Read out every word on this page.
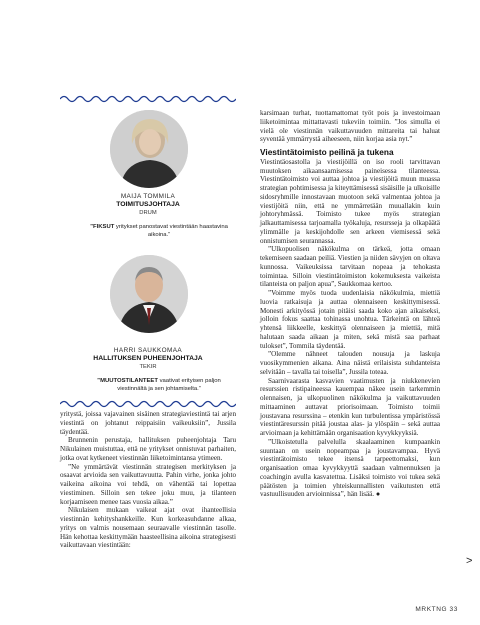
MAIJA TOMMILA
TOIMITUSJOHTAJA
DRUM
”FIKSUT yritykset panostavat viestintään haastavina aikoina.”
HARRI SAUKKOMAA
HALLITUKSEN PUHEENJOHTAJA
TEKIR
”MUUTOSTILANTEET vaativat erityisen paljon viestinnältä ja sen johtamiselta.”

yritystä, joissa vajavainen sisäinen strategiaviestintä tai arjen viestintä on johtanut reippaisiin vaikeuksiin”, Jussila täydentää.

Brunnenin perustaja, hallituksen puheenjohtaja Taru Nikulainen muistuttaa, että ne yritykset onnistuvat parhaiten, jotka ovat kytkeneet viestinnän liiketoimintansa ytimeen.

”Ne ymmärtävät viestinnän strategisen merkityksen ja osaavat arvioida sen vaikuttavuutta. Pahin virhe, jonka johto vaikeina aikoina voi tehdä, on vähentää tai lopettaa viestiminen. Silloin sen tekee joku muu, ja tilanteen korjaamiseen menee taas vuosia aikaa.”

Nikulaisen mukaan vaikeat ajat ovat ihanteellisia viestinnän kehityshankkeille. Kun korkeasuhdanne alkaa, yritys on valmis nousemaan seuraavalle viestinnän tasolle. Hän kehottaa keskittymään haasteellisina aikoina strategisesti vaikuttavaan viestintään:

karsimaan turhat, tuottamattomat työt pois ja investoimaan liiketoimintaa mittattavasti tukeviin toimiin. ”Jos simulla ei vielä ole viestinnän vaikuttavuuden mittareita tai haluat syventää ymmärrystä aiheeseen, niin korjaa asia nyt.”

Viestintätoimisto peilinä ja tukena

Viestintäosastolla ja viestijöillä on iso rooli tarvittavan muutoksen aikaansaamisessa paineisessa tilanteessa. Viestintätoimisto voi auttaa johtoa ja viestijöitä muun muassa strategian pohtimisessa ja kiteyttämisessä sisäisille ja ulkoisille sidosryhmille innostavaan muotoon sekä valmentaa johtoa ja viestijöitä niin, että ne ymmärretään muuallakin kuin johtoryhmässä. Toimisto tukee myös strategian jalkauttamisessa tarjoamalla työkaluja, resursseja ja olkapäätä ylimmälle ja keskijohdolle sen arkeen viemisessä sekä onnistumisen seurannassa.

”Ulkopuolisen näkökulma on tärkeä, jotta omaan tekemiseen saadaan peiliä. Viestien ja niiden sävyjen on oltava kunnossa. Vaikeuksissa tarvitaan nopeaa ja tehokasta toimintaa. Silloin viestintätoimiston kokemuksesta vaikeista tilanteista on paljon apua”, Saukkomaa kertoo.

”Voimme myös tuoda uudenlaisia näkökulmia, miettiä luovia ratkaisuja ja auttaa olennaiseen keskittymisessä. Monesti arkityössä jotain pitäisi saada koko ajan aikaiseksi, jolloin fokus saattaa tohinassa unohtua. Tärkeintä on lähteä yhtensä liikkeelle, keskittyä olennaiseen ja miettiä, mitä halutaan saada aikaan ja miten, sekä mistä saa parhaat tulokset”, Tommila täydentää.

”Olemme nähneet talouden nousuja ja laskuja vuosikymmenien aikana. Aina näistä erilaisista suhdanteista selvitään – tavalla tai toisella”, Jussila toteaa.

Saarnivaarasta kasvavien vaatimusten ja niukkenevien resurssien ristipaineessa kauempaa näkee usein tarkemmin olennaisen, ja ulkopuolinen näkökulma ja vaikuttavuuden mittaaminen auttavat priorisoimaan. Toimisto toimii joustavana resurssina – etenkin kun turbulentissa ympäristössä viestintäresurssin pitää joustaa alas- ja ylöspäin – sekä auttaa arvioimaan ja kehittämään organisaation kyvykkyyksiä.

”Ulkoistetulla palvelulla skaalaaminen kumpaankin suuntaan on usein nopeampaa ja joustavampaa. Hyvä viestintätoimisto tekee itsensä tarpeettomaksi, kun organisaation omaa kyvykkyyttä saadaan valmennuksen ja coachingin avulla kasvatettua. Lisäksi toimisto voi tukea sekä päätösten ja toimien yhteiskunnallisten vaikutusten että vastuullisuuden arvioinnissa”, hän lisää. ●

>
MRKTNG 33
